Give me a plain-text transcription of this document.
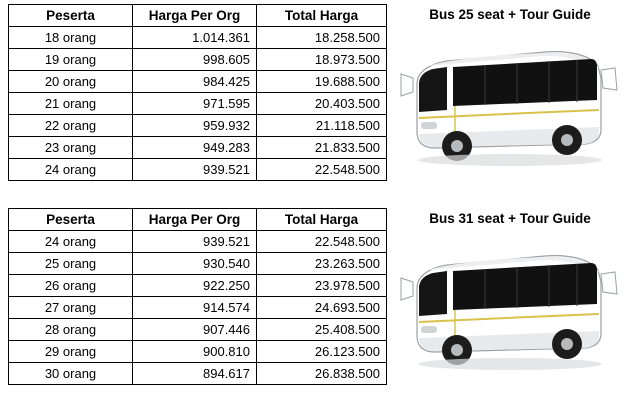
Peserta	Harga Per Org	Total Harga
18 orang	1.014.361	18.258.500
19 orang	998.605	18.973.500
20 orang	984.425	19.688.500
21 orang	971.595	20.403.500
22 orang	959.932	21.118.500
23 orang	949.283	21.833.500
24 orang	939.521	22.548.500
Bus 25 seat + Tour Guide
Peserta	Harga Per Org	Total Harga
24 orang	939.521	22.548.500
25 orang	930.540	23.263.500
26 orang	922.250	23.978.500
27 orang	914.574	24.693.500
28 orang	907.446	25.408.500
29 orang	900.810	26.123.500
30 orang	894.617	26.838.500
Bus 31 seat + Tour Guide
